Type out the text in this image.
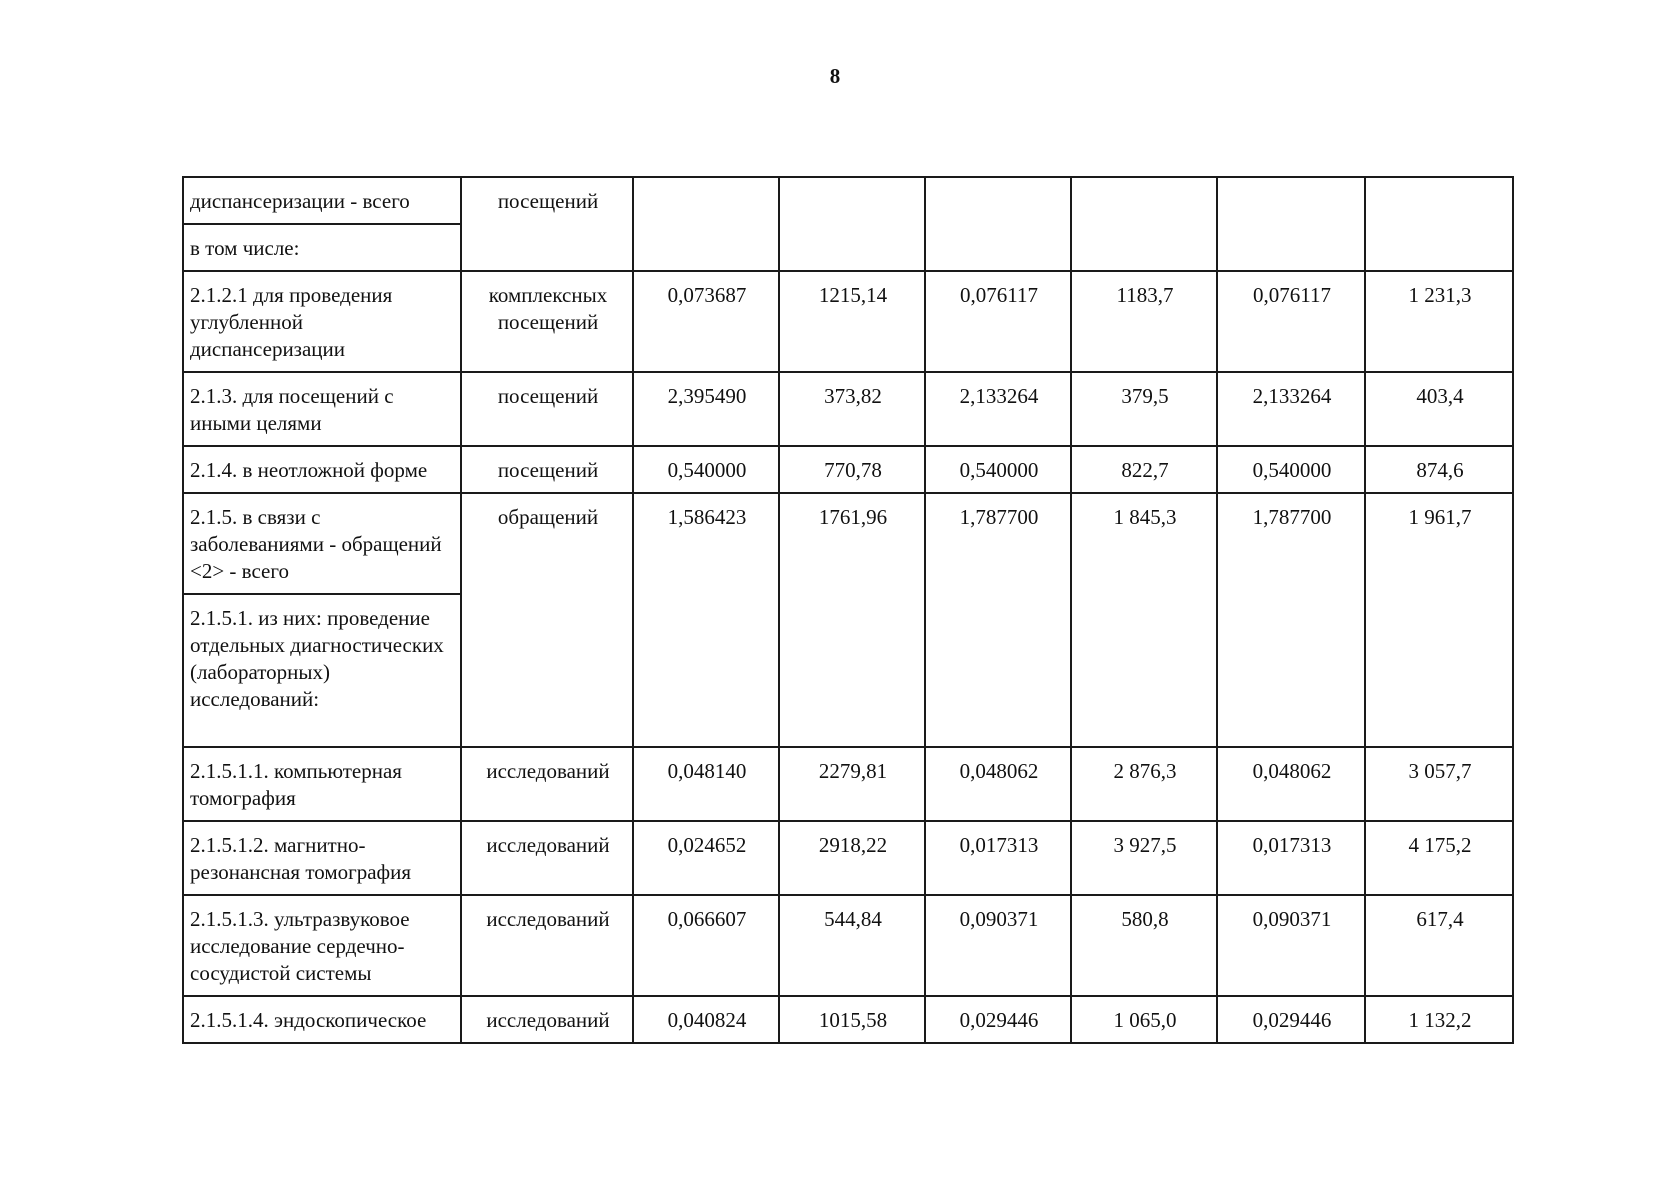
8
диспансеризации - всего	посещений						
в том числе:							
2.1.2.1 для проведения углубленной диспансеризации	комплексных посещений	0,073687	1215,14	0,076117	1183,7	0,076117	1 231,3
2.1.3. для посещений с иными целями	посещений	2,395490	373,82	2,133264	379,5	2,133264	403,4
2.1.4. в неотложной форме	посещений	0,540000	770,78	0,540000	822,7	0,540000	874,6
2.1.5. в связи с заболеваниями - обращений <2> - всего	обращений	1,586423	1761,96	1,787700	1 845,3	1,787700	1 961,7
2.1.5.1. из них: проведение отдельных диагностических (лабораторных) исследований:							
2.1.5.1.1. компьютерная томография	исследований	0,048140	2279,81	0,048062	2 876,3	0,048062	3 057,7
2.1.5.1.2. магнитно-резонансная томография	исследований	0,024652	2918,22	0,017313	3 927,5	0,017313	4 175,2
2.1.5.1.3. ультразвуковое исследование сердечно-сосудистой системы	исследований	0,066607	544,84	0,090371	580,8	0,090371	617,4
2.1.5.1.4. эндоскопическое	исследований	0,040824	1015,58	0,029446	1 065,0	0,029446	1 132,2
